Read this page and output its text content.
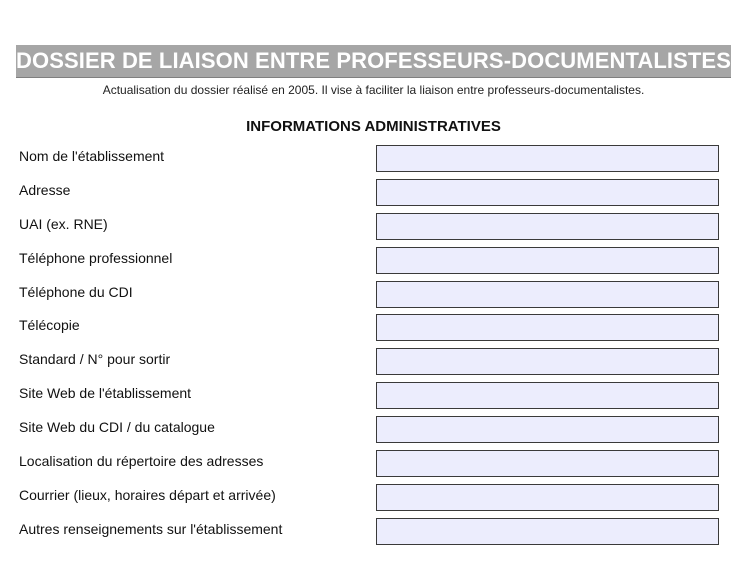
DOSSIER DE LIAISON ENTRE PROFESSEURS-DOCUMENTALISTES
Actualisation du dossier réalisé en 2005. Il vise à faciliter la liaison entre professeurs-documentalistes.
INFORMATIONS ADMINISTRATIVES
Nom de l'établissement
Adresse
UAI (ex. RNE)
Téléphone professionnel
Téléphone du CDI
Télécopie
Standard / N° pour sortir
Site Web de l'établissement
Site Web du CDI / du catalogue
Localisation du répertoire des adresses
Courrier (lieux, horaires départ et arrivée)
Autres renseignements sur l'établissement
